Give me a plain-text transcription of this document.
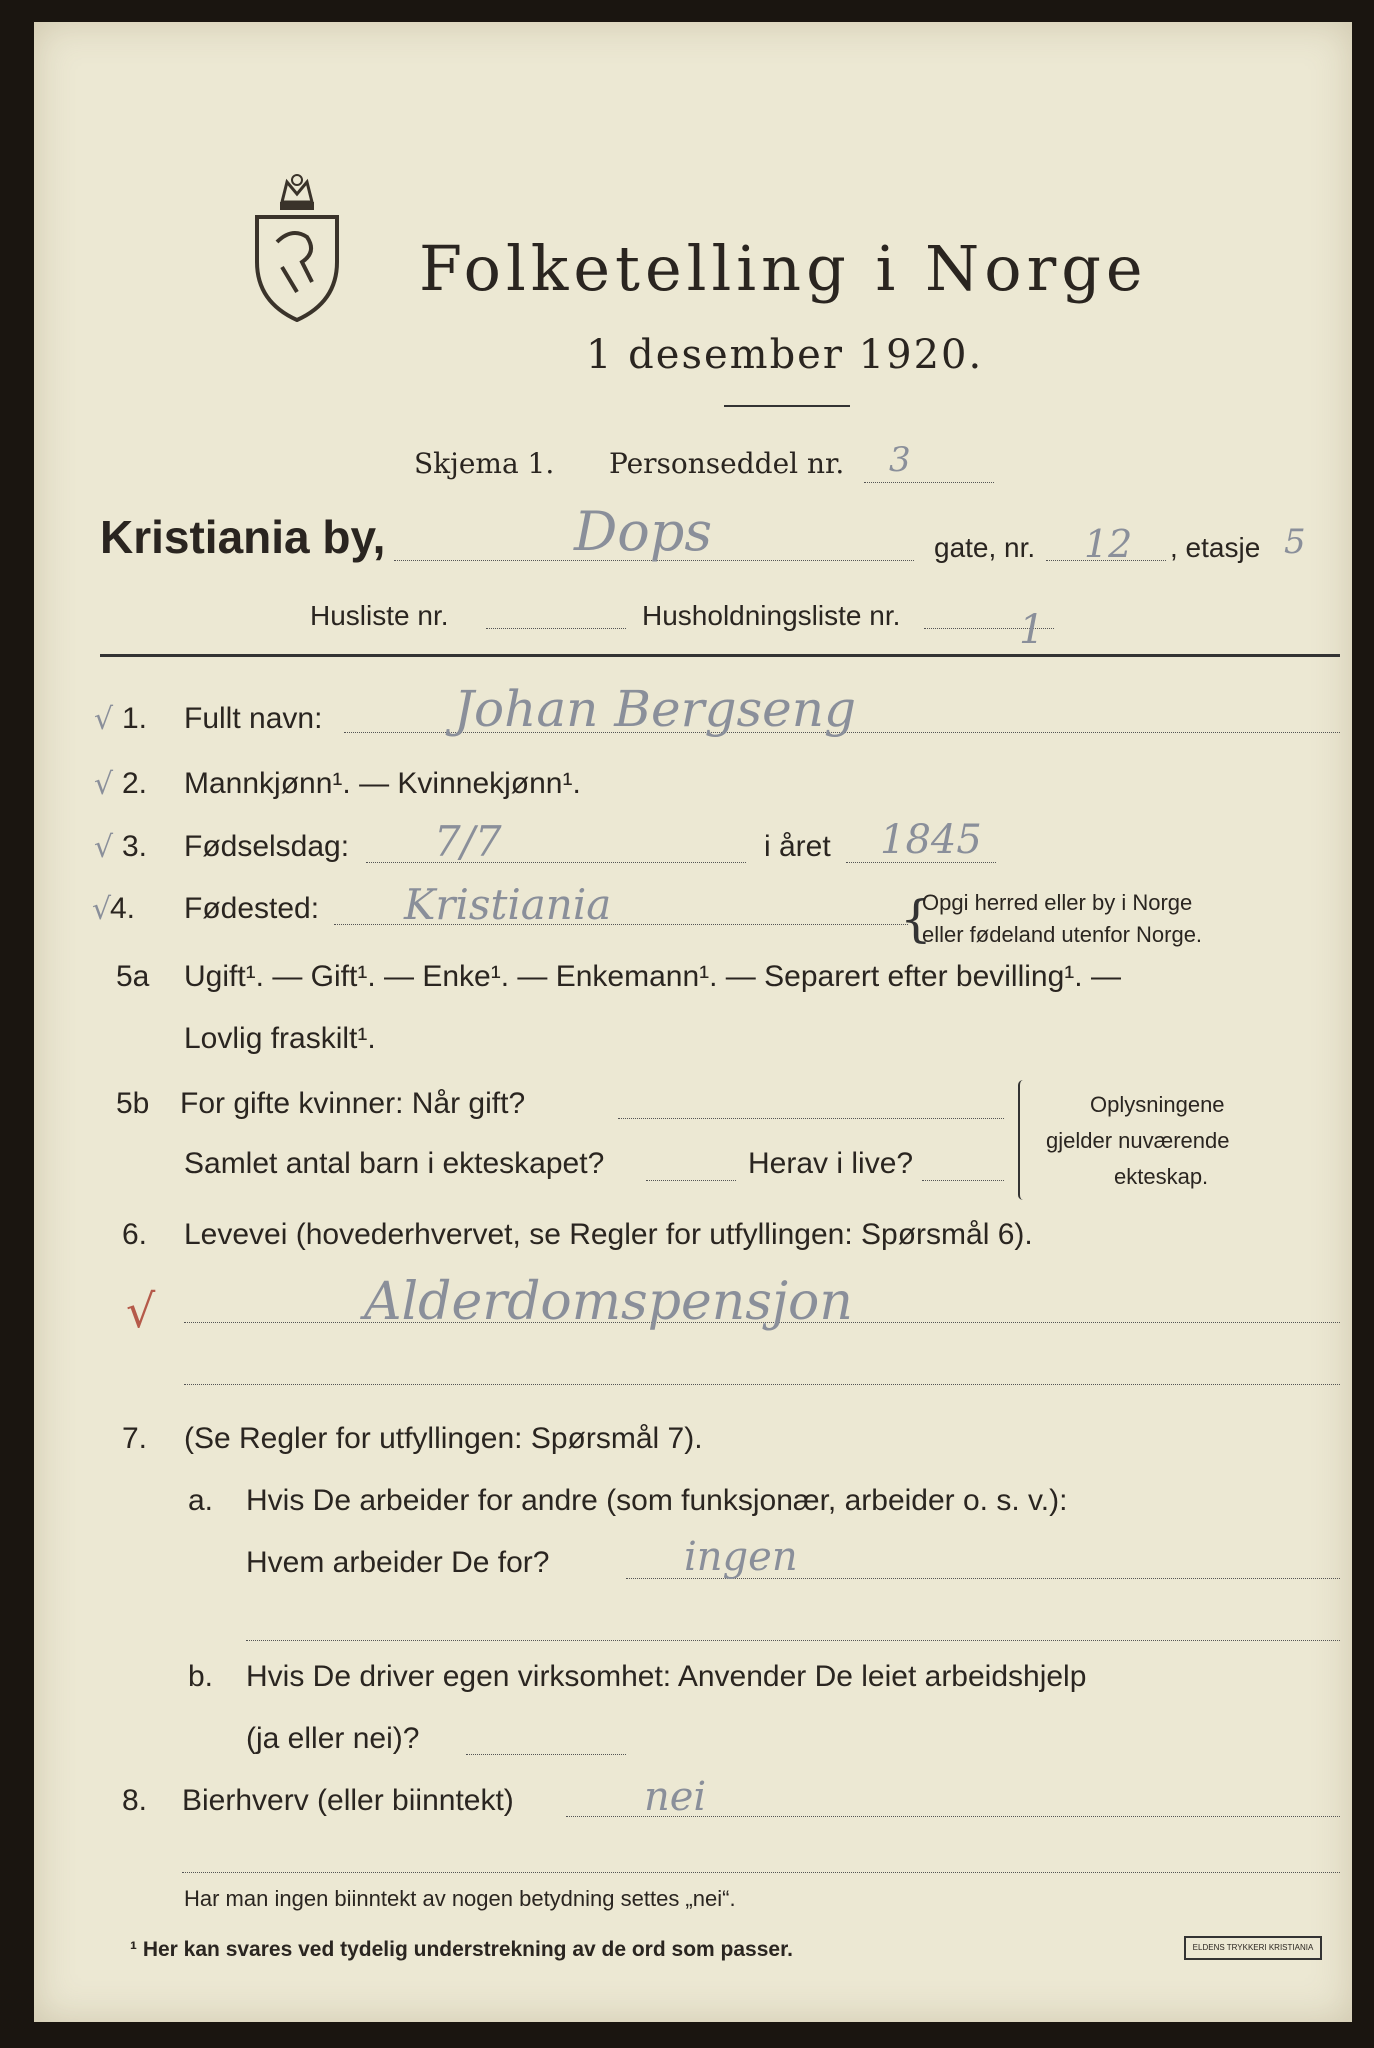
Folketelling i Norge
1 desember 1920.
Skjema 1. Personseddel nr. 3
Kristiania by,	Dops	gate, nr. 12 , etasje 5
Husliste nr.	Husholdningsliste nr.	1
√ 1. Fullt navn:	Johan Bergseng
√ 2. Mannkjønn¹. — Kvinnekjønn¹.
√ 3. Fødselsdag: 7/7	i året 1845
√
4. Fødested: Kristiania	{
Opgi herred eller by i Norge
eller fødeland utenfor Norge.
5a Ugift¹. — Gift¹. — Enke¹. — Enkemann¹. — Separert efter bevilling¹. —
Lovlig fraskilt¹.
5b For gifte kvinner: Når gift?
Samlet antal barn i ekteskapet?	Herav i live?
Oplysningene
gjelder nuværende
ekteskap.
6. Levevei (hovederhvervet, se Regler for utfyllingen: Spørsmål 6).
Alderdomspensjon
√
7. (Se Regler for utfyllingen: Spørsmål 7).
a. Hvis De arbeider for andre (som funksjonær, arbeider o. s. v.):
Hvem arbeider De for?	ingen
b. Hvis De driver egen virksomhet: Anvender De leiet arbeidshjelp
(ja eller nei)?
8. Bierhverv (eller biinntekt)	nei
Har man ingen biinntekt av nogen betydning settes „nei“.
¹ Her kan svares ved tydelig understrekning av de ord som passer.	ELDENS TRYKKERI KRISTIANIA
